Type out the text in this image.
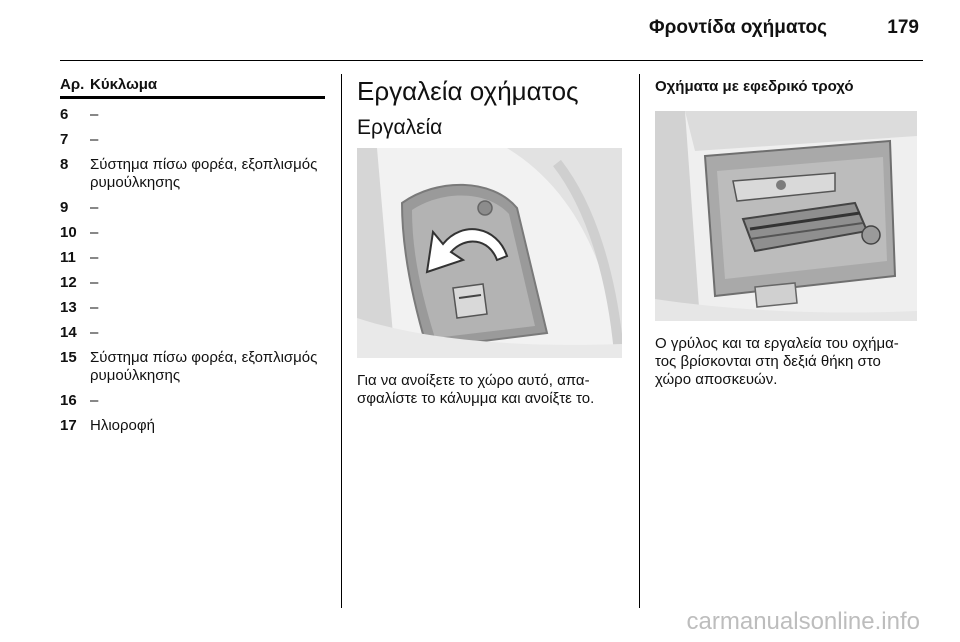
Φροντίδα οχήματος	179
Αρ. Κύκλωμα
6	–
7	–
8	Σύστημα πίσω φορέα, εξοπλισμός ρυμούλκησης
9	–
10 –
11 –
12 –
13 –
14 –
15 Σύστημα πίσω φορέα, εξοπλισμός ρυμούλκησης
16 –
17 Ηλιοροφή
Εργαλεία οχήματος
Εργαλεία
Για να ανοίξετε το χώρο αυτό, απα- σφαλίστε το κάλυμμα και ανοίξτε το.
Οχήματα με εφεδρικό τροχό
Ο γρύλος και τα εργαλεία του οχήμα- τος βρίσκονται στη δεξιά θήκη στο χώρο αποσκευών.
carmanualsonline.info
